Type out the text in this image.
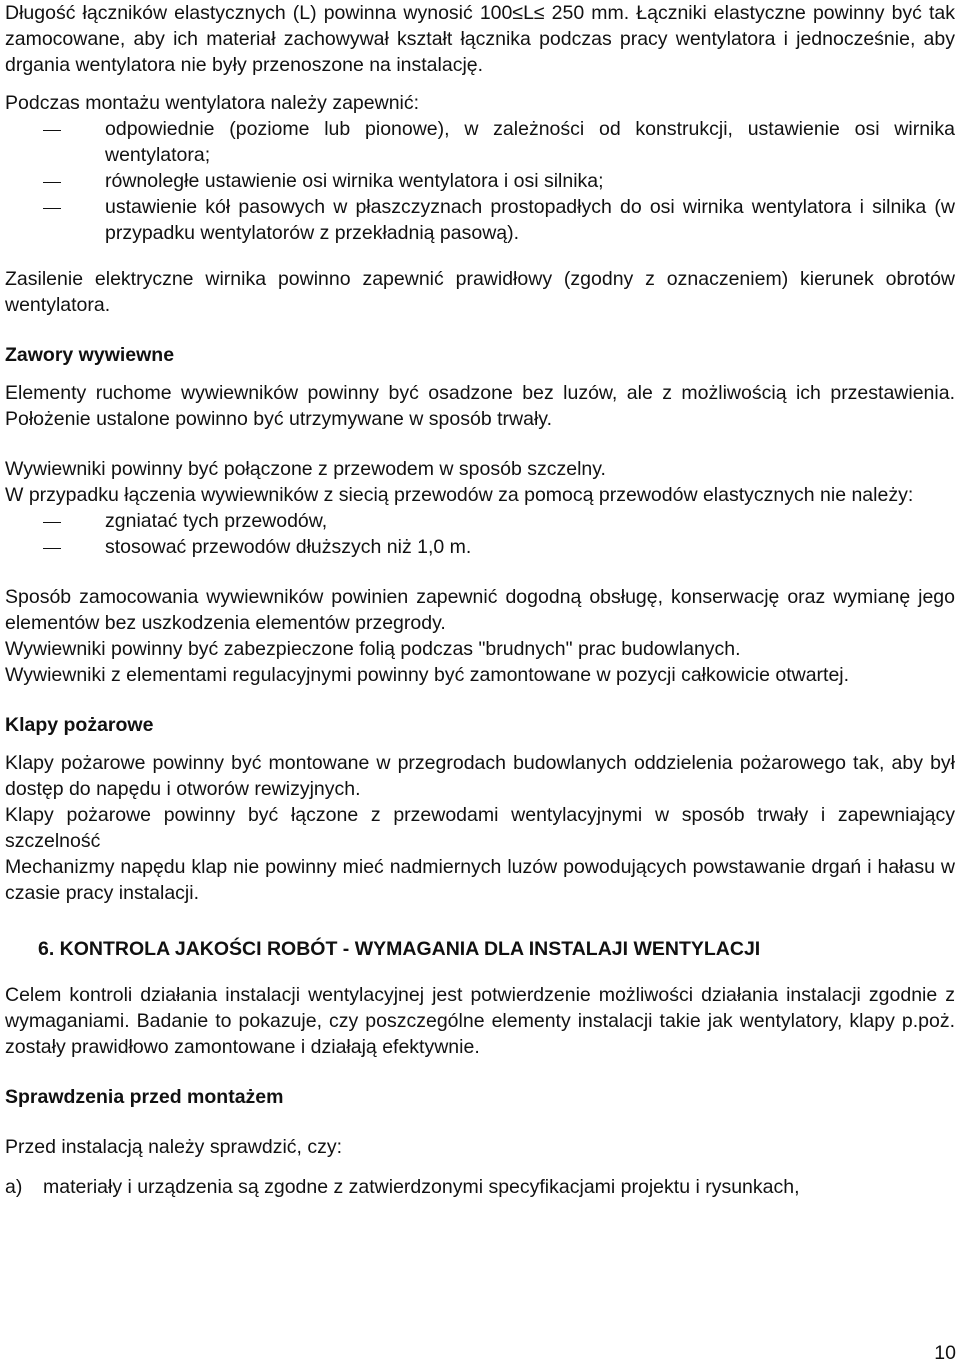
Długość łączników elastycznych (L) powinna wynosić 100≤L≤ 250 mm. Łączniki elastyczne powinny być tak zamocowane, aby ich materiał zachowywał kształt łącznika podczas pracy wentylatora i jednocześnie, aby drgania wentylatora nie były przenoszone na instalację.

Podczas montażu wentylatora należy zapewnić:

odpowiednie (poziome lub pionowe), w zależności od konstrukcji, ustawienie osi wirnika wentylatora;
równoległe ustawienie osi wirnika wentylatora i osi silnika;
ustawienie kół pasowych w płaszczyznach prostopadłych do osi wirnika wentylatora i silnika (w przypadku wentylatorów z przekładnią pasową).

Zasilenie elektryczne wirnika powinno zapewnić prawidłowy (zgodny z oznaczeniem) kierunek obrotów wentylatora.

Zawory wywiewne

Elementy ruchome wywiewników powinny być osadzone bez luzów, ale z możliwością ich przestawienia. Położenie ustalone powinno być utrzymywane w sposób trwały.

Wywiewniki powinny być połączone z przewodem w sposób szczelny.

W przypadku łączenia wywiewników z siecią przewodów za pomocą przewodów elastycznych nie należy:

zgniatać tych przewodów,
stosować przewodów dłuższych niż 1,0 m.

Sposób zamocowania wywiewników powinien zapewnić dogodną obsługę, konserwację oraz wymianę jego elementów bez uszkodzenia elementów przegrody.

Wywiewniki powinny być zabezpieczone folią podczas "brudnych" prac budowlanych.

Wywiewniki z elementami regulacyjnymi powinny być zamontowane w pozycji całkowicie otwartej.

Klapy pożarowe

Klapy pożarowe powinny być montowane w przegrodach budowlanych oddzielenia pożarowego tak, aby był dostęp do napędu i otworów rewizyjnych.

Klapy pożarowe powinny być łączone z przewodami wentylacyjnymi w sposób trwały i zapewniający szczelność

Mechanizmy napędu klap nie powinny mieć nadmiernych luzów powodujących powstawanie drgań i hałasu w czasie pracy instalacji.

6. KONTROLA JAKOŚCI ROBÓT - WYMAGANIA DLA INSTALAJI WENTYLACJI

Celem kontroli działania instalacji wentylacyjnej jest potwierdzenie możliwości działania instalacji zgodnie z wymaganiami. Badanie to pokazuje, czy poszczególne elementy instalacji takie jak wentylatory, klapy p.poż. zostały prawidłowo zamontowane i działają efektywnie.

Sprawdzenia przed montażem

Przed instalacją należy sprawdzić, czy:

a)	materiały i urządzenia są zgodne z zatwierdzonymi specyfikacjami projektu i rysunkach,
10
